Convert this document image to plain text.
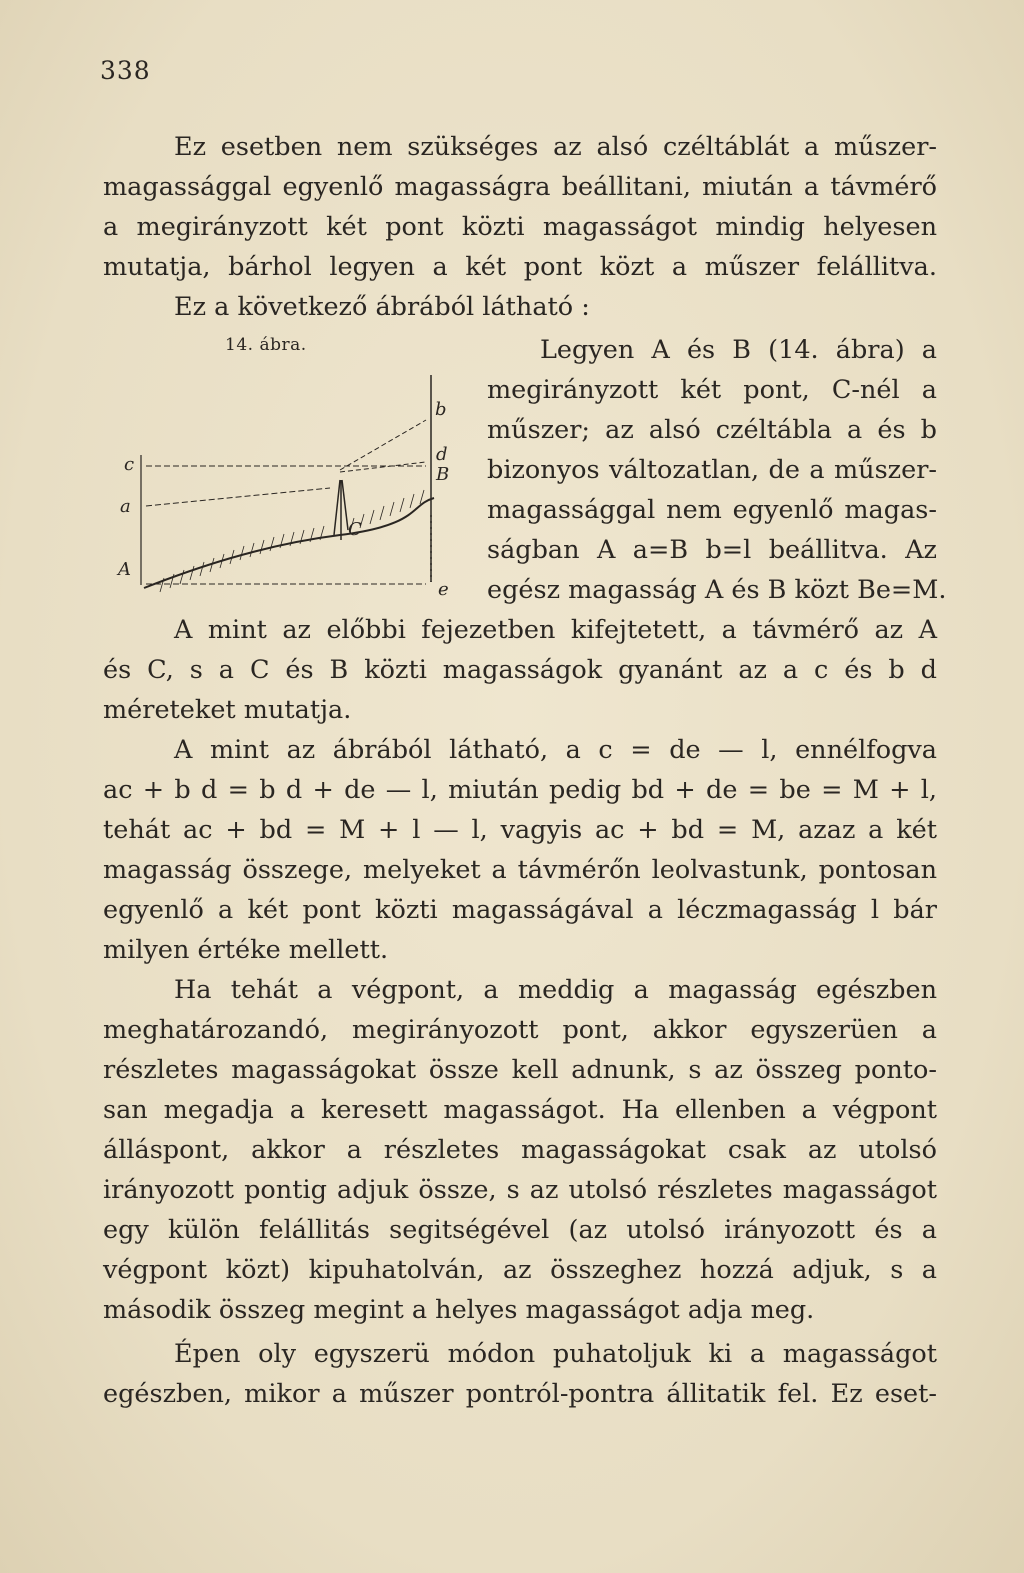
338
Ez esetben nem szükséges az alsó czéltáblát a műszer-
magassággal egyenlő magasságra beállitani, miután a távmérő
a megirányzott két pont közti magasságot mindig helyesen
mutatja, bárhol legyen a két pont közt a műszer felállitva.
Ez a következő ábrából látható :
14. ábra.
b
c	d
B
a
C
A
e
Legyen A és B (14. ábra) a
megirányzott két pont, C-nél a
műszer; az alsó czéltábla a és b
bizonyos változatlan, de a műszer-
magassággal nem egyenlő magas-
ságban A a=B b=l beállitva. Az
egész magasság A és B közt Be=M.
A mint az előbbi fejezetben kifejtetett, a távmérő az A
és C, s a C és B közti magasságok gyanánt az a c és b d
méreteket mutatja.
A mint az ábrából látható, a c = de — l, ennélfogva
ac + b d = b d + de — l, miután pedig bd + de = be = M + l,
tehát ac + bd = M + l — l, vagyis ac + bd = M, azaz a két
magasság összege, melyeket a távmérőn leolvastunk, pontosan
egyenlő a két pont közti magasságával a léczmagasság l bár
milyen értéke mellett.
Ha tehát a végpont, a meddig a magasság egészben
meghatározandó, megirányozott pont, akkor egyszerüen a
részletes magasságokat össze kell adnunk, s az összeg ponto-
san megadja a keresett magasságot. Ha ellenben a végpont
álláspont, akkor a részletes magasságokat csak az utolsó
irányozott pontig adjuk össze, s az utolsó részletes magasságot
egy külön felállitás segitségével (az utolsó irányozott és a
végpont közt) kipuhatolván, az összeghez hozzá adjuk, s a
második összeg megint a helyes magasságot adja meg.
Épen oly egyszerü módon puhatoljuk ki a magasságot
egészben, mikor a műszer pontról-pontra állitatik fel. Ez eset-
